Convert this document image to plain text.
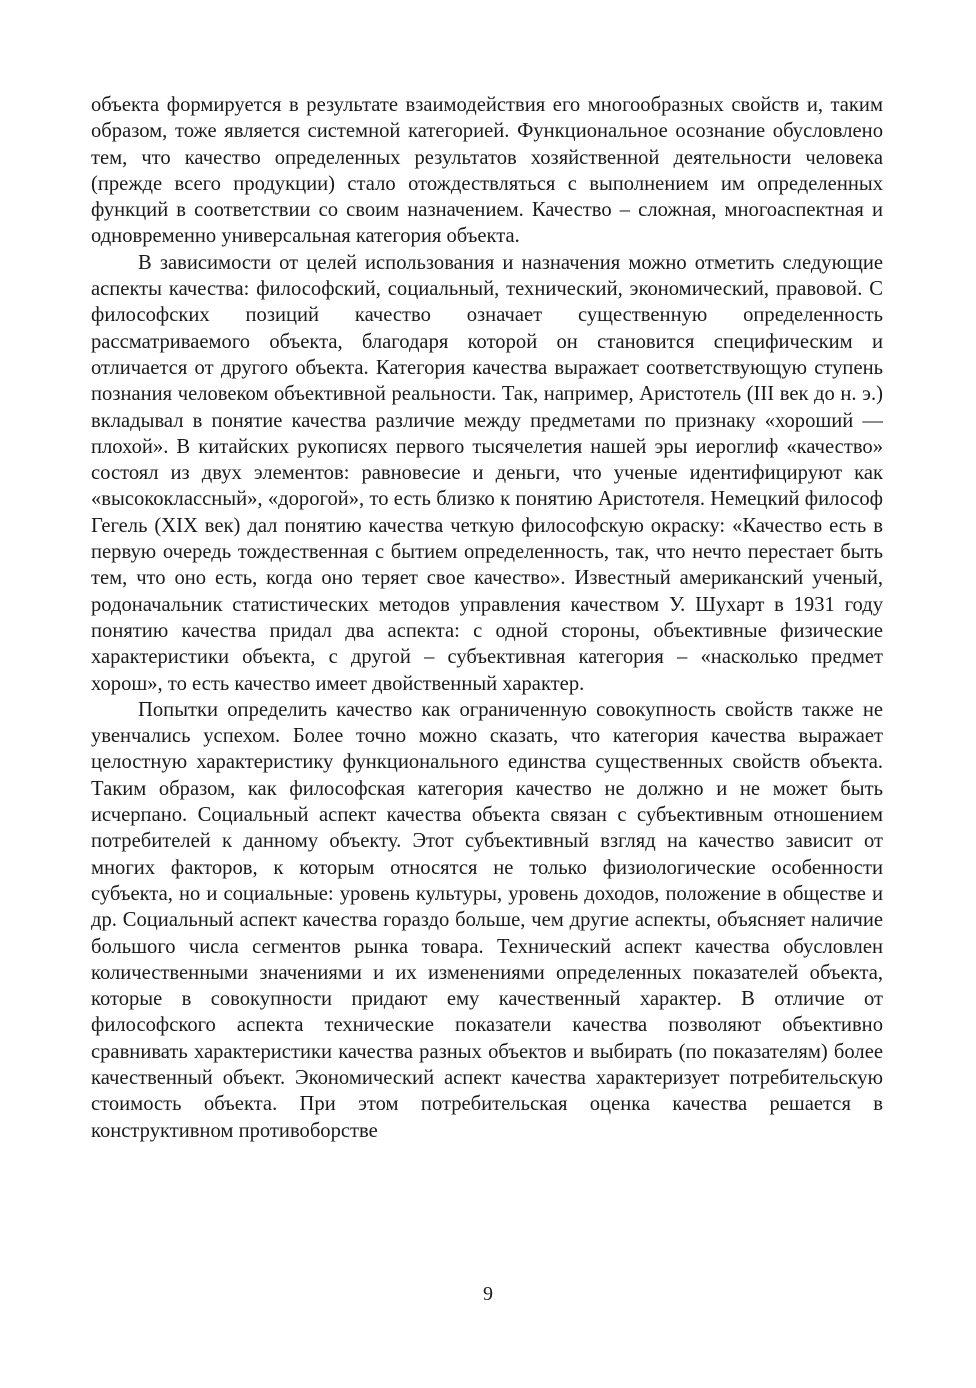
объекта формируется в результате взаимодействия его многообразных свойств и, таким образом, тоже является системной категорией. Функциональное осознание обусловлено тем, что качество определенных результатов хозяйственной деятельности человека (прежде всего продукции) стало отождествляться с выполнением им определенных функций в соответствии со своим назначением. Качество – сложная, многоаспектная и одновременно универсальная категория объекта.

В зависимости от целей использования и назначения можно отметить следующие аспекты качества: философский, социальный, технический, экономический, правовой. С философских позиций качество означает существенную определенность рассматриваемого объекта, благодаря которой он становится специфическим и отличается от другого объекта. Категория качества выражает соответствующую ступень познания человеком объективной реальности. Так, например, Аристотель (III век до н. э.) вкладывал в понятие качества различие между предметами по признаку «хороший — плохой». В китайских рукописях первого тысячелетия нашей эры иероглиф «качество» состоял из двух элементов: равновесие и деньги, что ученые идентифицируют как «высококлассный», «дорогой», то есть близко к понятию Аристотеля. Немецкий философ Гегель (XIX век) дал понятию качества четкую философскую окраску: «Качество есть в первую очередь тождественная с бытием определенность, так, что нечто перестает быть тем, что оно есть, когда оно теряет свое качество». Известный американский ученый, родоначальник статистических методов управления качеством У. Шухарт в 1931 году понятию качества придал два аспекта: с одной стороны, объективные физические характеристики объекта, с другой – субъективная категория – «насколько предмет хорош», то есть качество имеет двойственный характер.

Попытки определить качество как ограниченную совокупность свойств также не увенчались успехом. Более точно можно сказать, что категория качества выражает целостную характеристику функционального единства существенных свойств объекта. Таким образом, как философская категория качество не должно и не может быть исчерпано. Социальный аспект качества объекта связан с субъективным отношением потребителей к данному объекту. Этот субъективный взгляд на качество зависит от многих факторов, к которым относятся не только физиологические особенности субъекта, но и социальные: уровень культуры, уровень доходов, положение в обществе и др. Социальный аспект качества гораздо больше, чем другие аспекты, объясняет наличие большого числа сегментов рынка товара. Технический аспект качества обусловлен количественными значениями и их изменениями определенных показателей объекта, которые в совокупности придают ему качественный характер. В отличие от философского аспекта технические показатели качества позволяют объективно сравнивать характеристики качества разных объектов и выбирать (по показателям) более качественный объект. Экономический аспект качества характеризует потребительскую стоимость объекта. При этом потребительская оценка качества решается в конструктивном противоборстве

9
